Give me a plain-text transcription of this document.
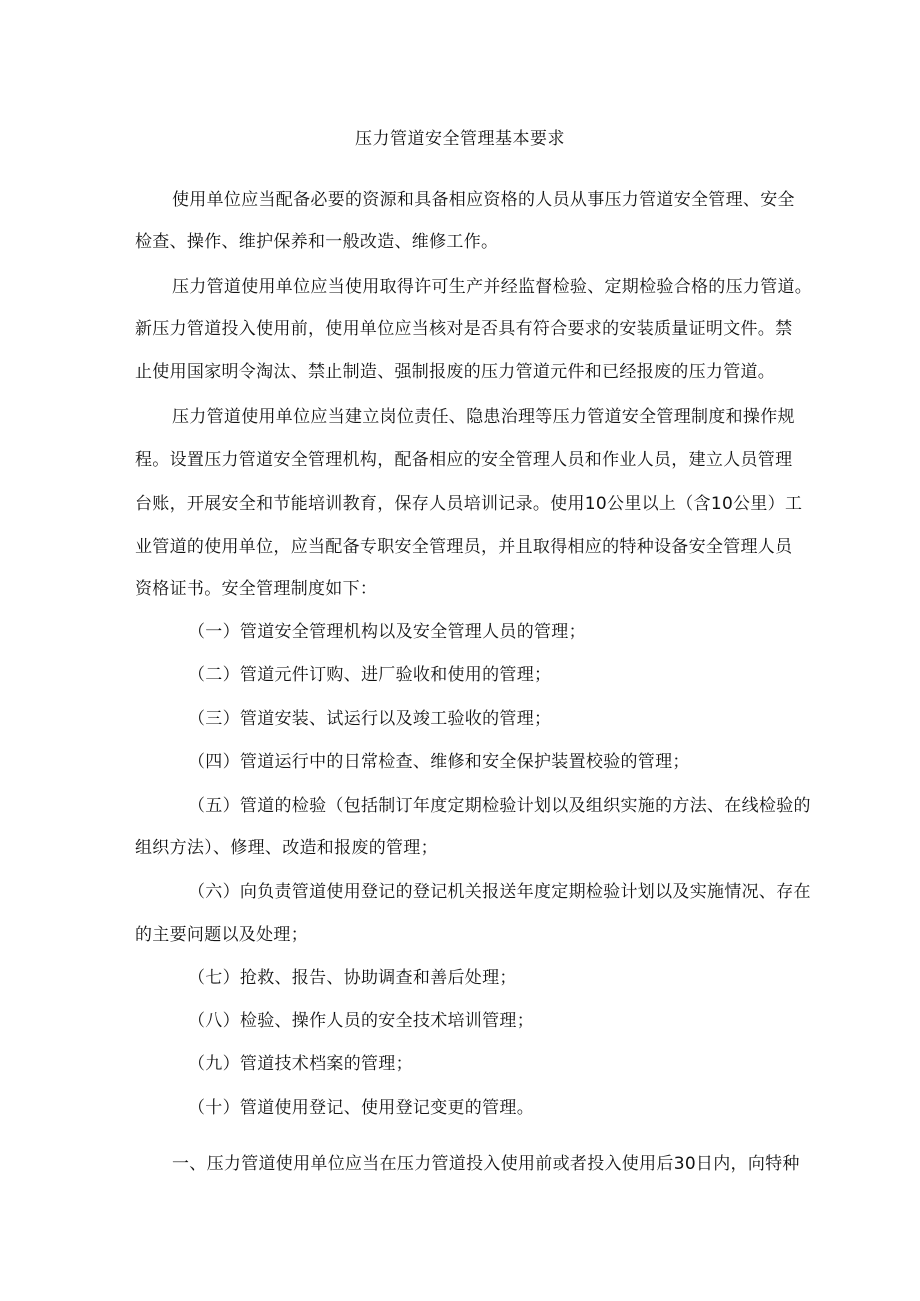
压力管道安全管理基本要求
使用单位应当配备必要的资源和具备相应资格的人员从事压力管道安全管理、安全
检查、操作、维护保养和一般改造、维修工作。
压力管道使用单位应当使用取得许可生产并经监督检验、定期检验合格的压力管道。
新压力管道投入使用前，使用单位应当核对是否具有符合要求的安装质量证明文件。禁
止使用国家明令淘汰、禁止制造、强制报废的压力管道元件和已经报废的压力管道。
压力管道使用单位应当建立岗位责任、隐患治理等压力管道安全管理制度和操作规
程。设置压力管道安全管理机构，配备相应的安全管理人员和作业人员，建立人员管理
台账，开展安全和节能培训教育，保存人员培训记录。使用10公里以上（含10公里）工
业管道的使用单位，应当配备专职安全管理员，并且取得相应的特种设备安全管理人员
资格证书。安全管理制度如下：
（一）管道安全管理机构以及安全管理人员的管理；
（二）管道元件订购、进厂验收和使用的管理；
（三）管道安装、试运行以及竣工验收的管理；
（四）管道运行中的日常检查、维修和安全保护装置校验的管理；
（五）管道的检验（包括制订年度定期检验计划以及组织实施的方法、在线检验的
组织方法）、修理、改造和报废的管理；
（六）向负责管道使用登记的登记机关报送年度定期检验计划以及实施情况、存在
的主要问题以及处理；
（七）抢救、报告、协助调查和善后处理；
（八）检验、操作人员的安全技术培训管理；
（九）管道技术档案的管理；
（十）管道使用登记、使用登记变更的管理。
一、压力管道使用单位应当在压力管道投入使用前或者投入使用后30日内，向特种
